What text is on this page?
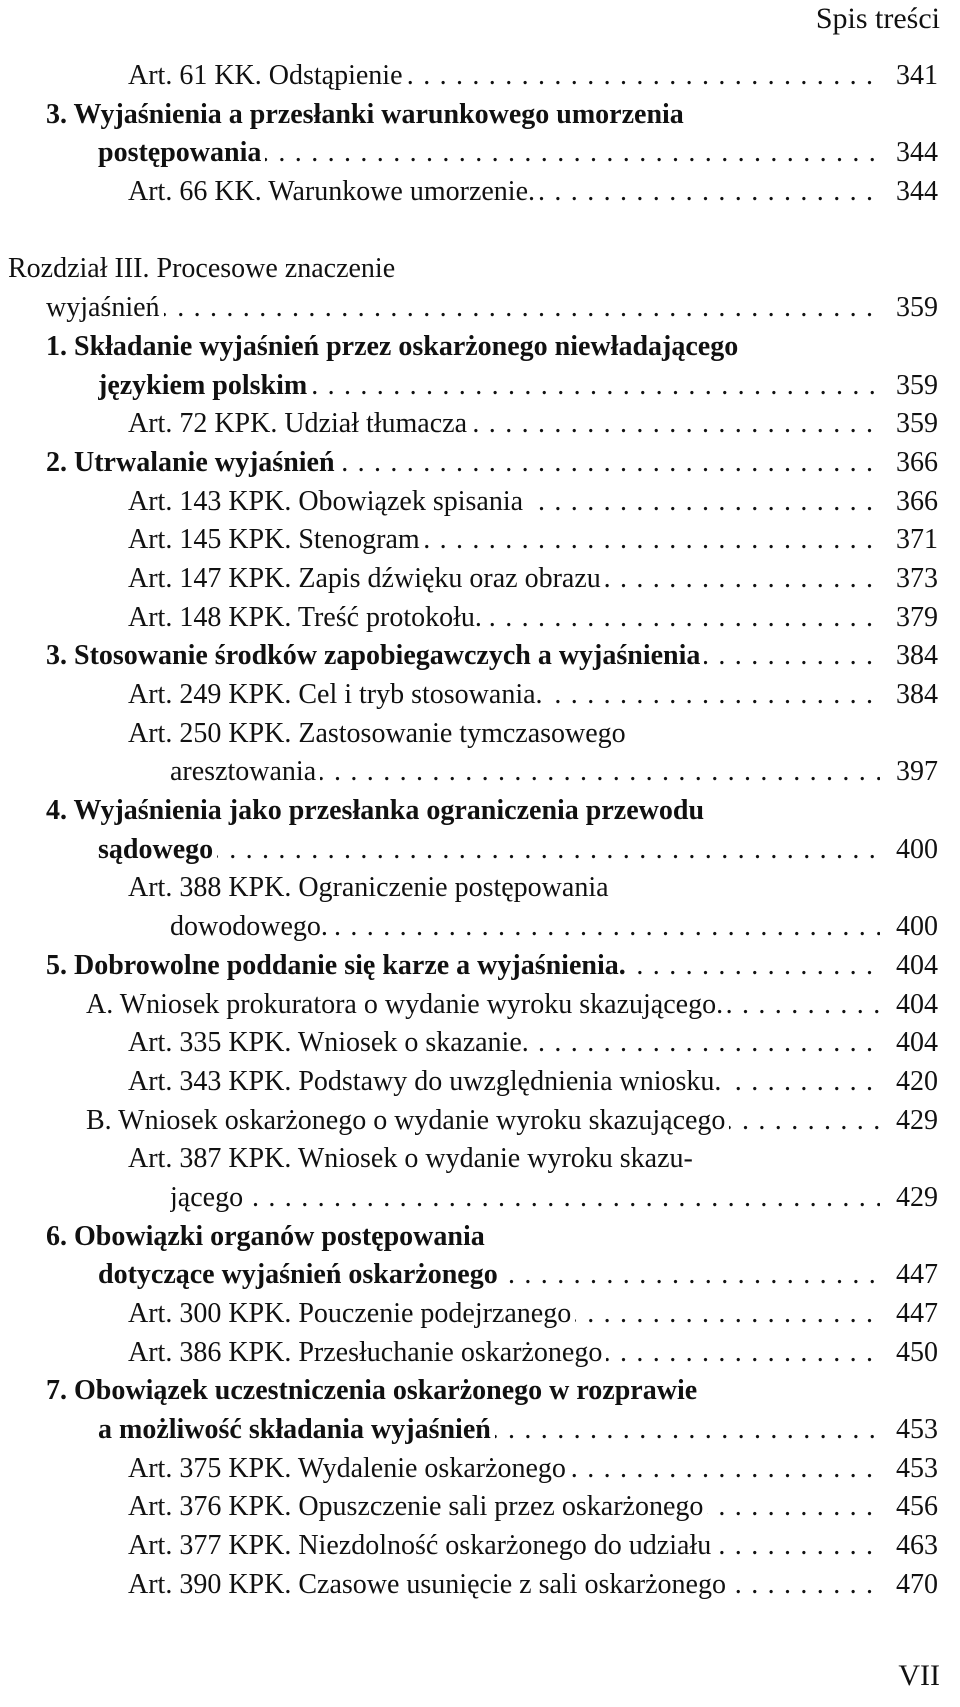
Spis treści
Art. 61 KK. Odstąpienie . . .	341
3. Wyjaśnienia a przesłanki warunkowego umorzenia
postępowania . . .	344
Art. 66 KK. Warunkowe umorzenie. . . .	344
Rozdział III. Procesowe znaczenie
wyjaśnień . . .	359
1. Składanie wyjaśnień przez oskarżonego niewładającego
językiem polskim . . .	359
Art. 72 KPK. Udział tłumacza . . .	359
2. Utrwalanie wyjaśnień . . .	366
Art. 143 KPK. Obowiązek spisania . . .	366
Art. 145 KPK. Stenogram . . .	371
Art. 147 KPK. Zapis dźwięku oraz obrazu . . .	373
Art. 148 KPK. Treść protokołu. . . .	379
3. Stosowanie środków zapobiegawczych a wyjaśnienia . . .	384
Art. 249 KPK. Cel i tryb stosowania. . . .	384
Art. 250 KPK. Zastosowanie tymczasowego
aresztowania . . .	397
4. Wyjaśnienia jako przesłanka ograniczenia przewodu
sądowego . . .	400
Art. 388 KPK. Ograniczenie postępowania
dowodowego. . . .	400
5. Dobrowolne poddanie się karze a wyjaśnienia. . . .	404
A. Wniosek prokuratora o wydanie wyroku skazującego. . . .	404
Art. 335 KPK. Wniosek o skazanie. . . .	404
Art. 343 KPK. Podstawy do uwzględnienia wniosku. . . .	420
B. Wniosek oskarżonego o wydanie wyroku skazującego . . .	429
Art. 387 KPK. Wniosek o wydanie wyroku skazu-
jącego . . .	429
6. Obowiązki organów postępowania
dotyczące wyjaśnień oskarżonego . . .	447
Art. 300 KPK. Pouczenie podejrzanego . . .	447
Art. 386 KPK. Przesłuchanie oskarżonego . . .	450
7. Obowiązek uczestniczenia oskarżonego w rozprawie
a możliwość składania wyjaśnień . . .	453
Art. 375 KPK. Wydalenie oskarżonego . . .	453
Art. 376 KPK. Opuszczenie sali przez oskarżonego . . .	456
Art. 377 KPK. Niezdolność oskarżonego do udziału . . .	463
Art. 390 KPK. Czasowe usunięcie z sali oskarżonego . . .	470
VII
